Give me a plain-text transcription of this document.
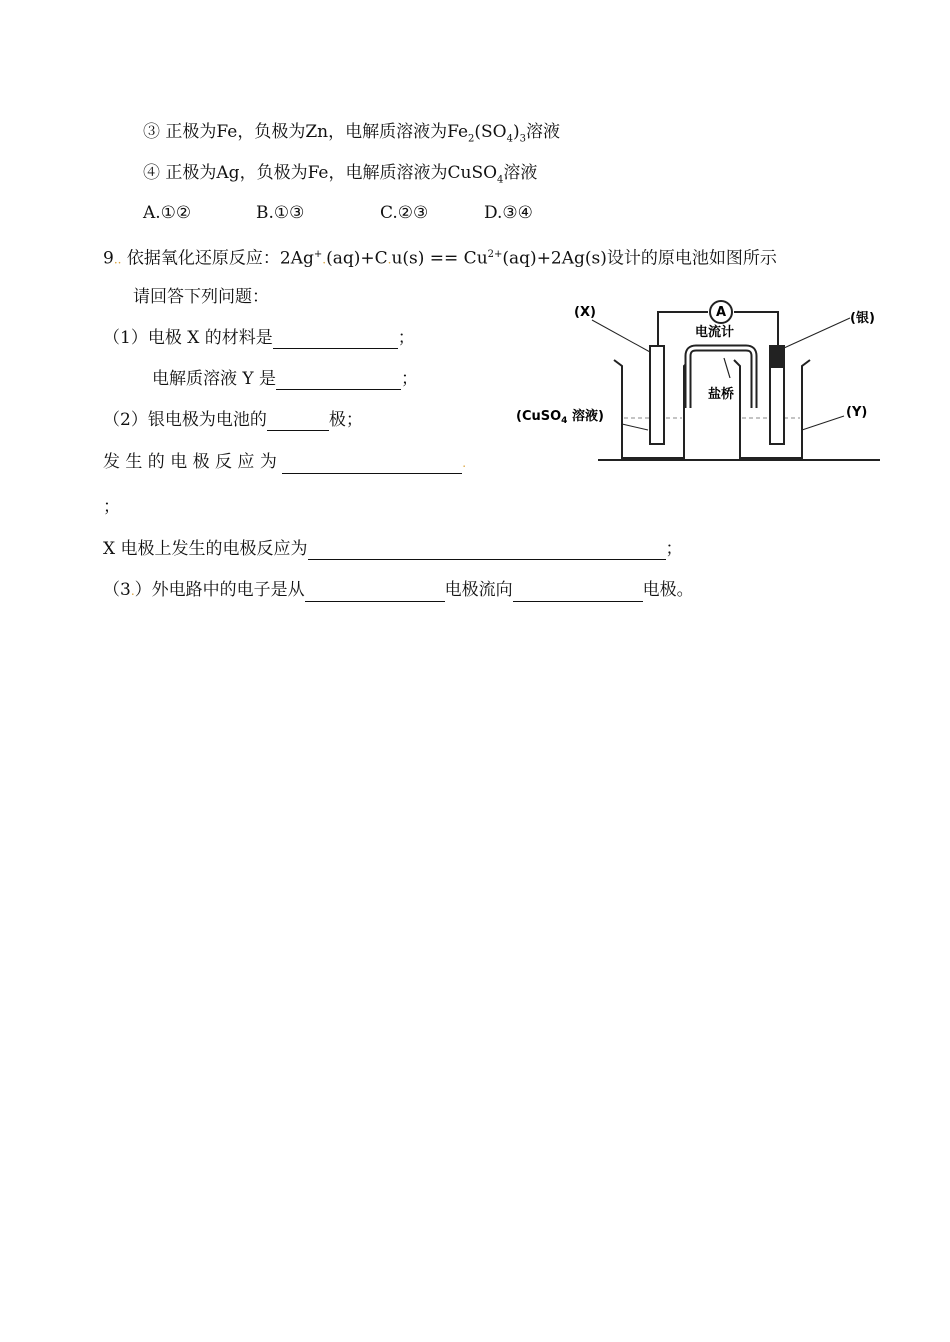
③ 正极为Fe，负极为Zn，电解质溶液为$Fe_2(SO_4)_3$溶液
④ 正极为Ag，负极为Fe，电解质溶液为CuSO$_4$溶液
A.①②	B.①③	C.②③	D.③④
9.. 依据氧化还原反应：$2Ag^+.(aq)+C.u(s) == Cu^{2+}(aq)+2Ag(s)$设计的原电池如图所示
请回答下列问题：
（1）电极 X 的材料是	；
电解质溶液 Y 是	；
（2）银电极为电池的	极；
发 生 的 电 极 反 应 为	.
；
X 电极上发生的电极反应为	；
（3.）外电路中的电子是从	电极流向	电极。
A
电流计
盐桥
(X)	(银)
(CuSO$_4$ 溶液)	(Y)
